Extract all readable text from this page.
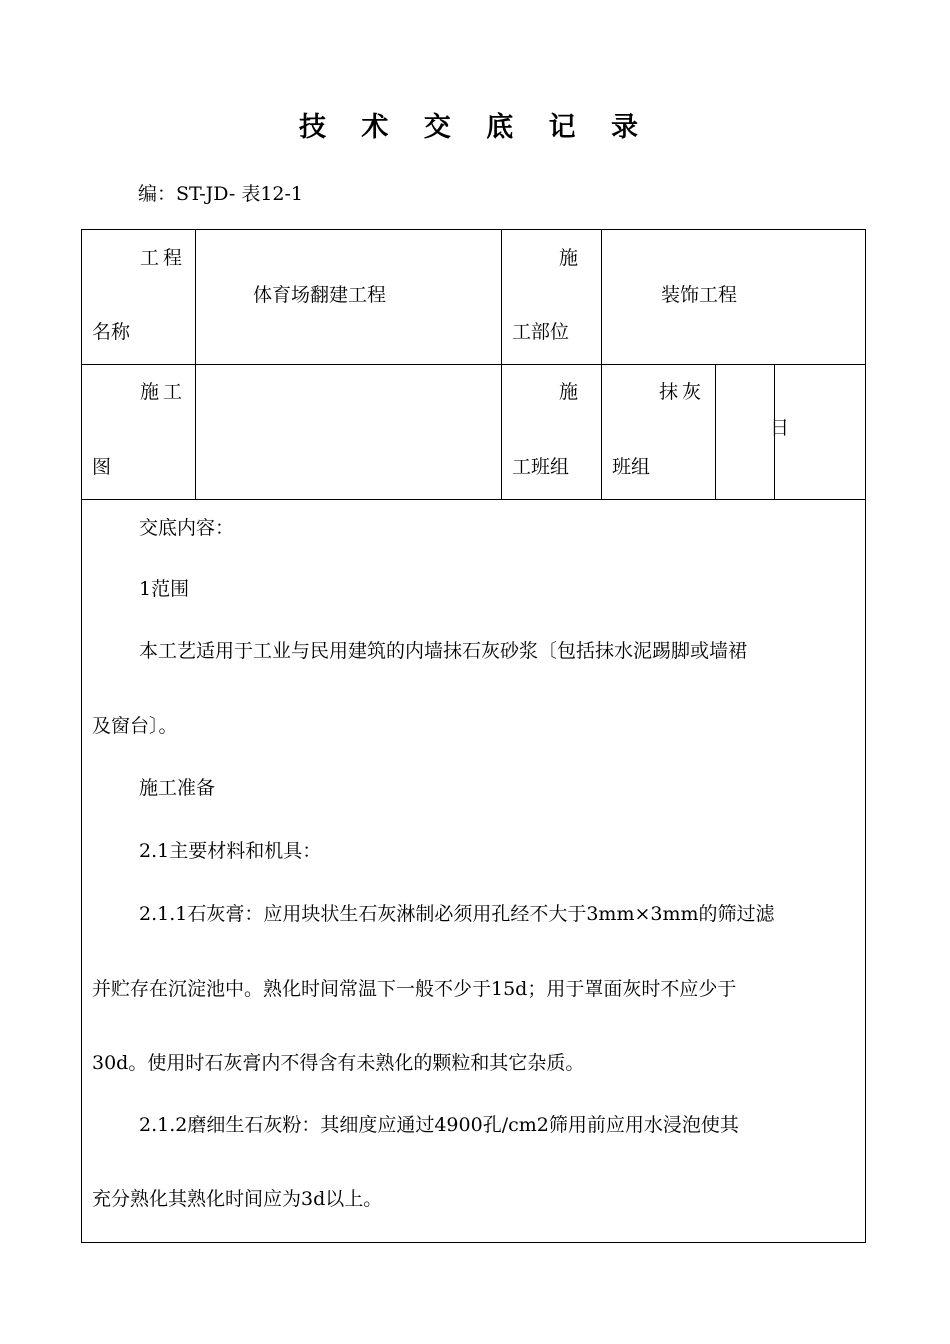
技 术 交 底 记 录
编：ST-JD- 表12-1
工程
名称
体育场翻建工程
施
工部位
装饰工程
施工
图
施
工班组
抹灰
班组
日
交底内容：
1范围
本工艺适用于工业与民用建筑的内墙抹石灰砂浆〔包括抹水泥踢脚或墙裙
及窗台〕。
施工准备
2.1主要材料和机具：
2.1.1石灰膏：应用块状生石灰淋制必须用孔经不大于3mm×3mm的筛过滤
并贮存在沉淀池中。熟化时间常温下一般不少于15d；用于罩面灰时不应少于
30d。使用时石灰膏内不得含有未熟化的颗粒和其它杂质。
2.1.2磨细生石灰粉：其细度应通过4900孔/cm2筛用前应用水浸泡使其
充分熟化其熟化时间应为3d以上。
